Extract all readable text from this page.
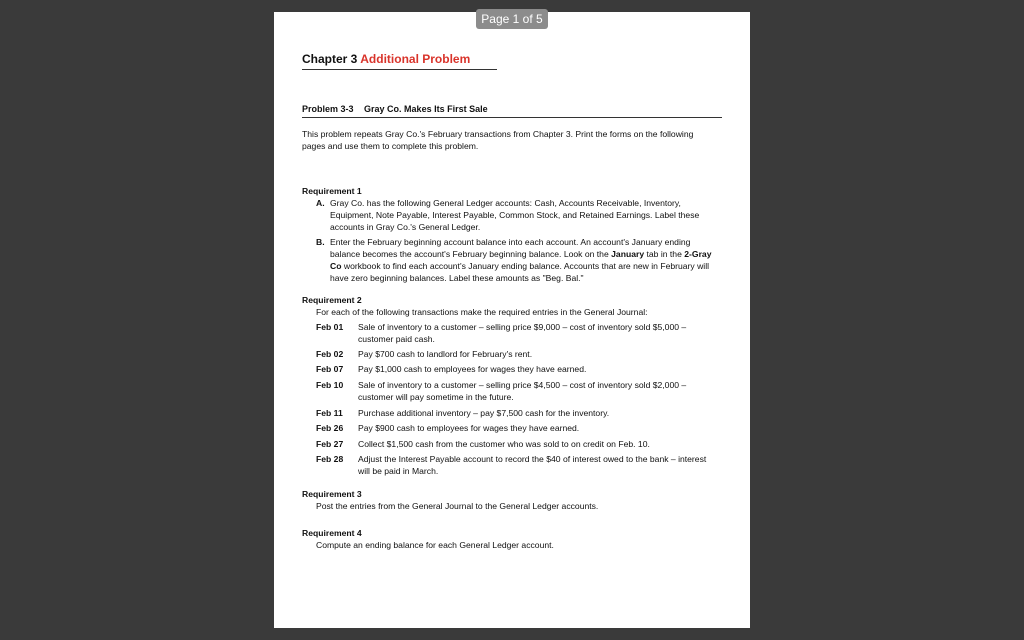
Chapter 3 Additional Problem
Problem 3-3 Gray Co. Makes Its First Sale
This problem repeats Gray Co.'s February transactions from Chapter 3. Print the forms on the following pages and use them to complete this problem.
Requirement 1
A. Gray Co. has the following General Ledger accounts: Cash, Accounts Receivable, Inventory, Equipment, Note Payable, Interest Payable, Common Stock, and Retained Earnings. Label these accounts in Gray Co.'s General Ledger.
B. Enter the February beginning account balance into each account. An account's January ending balance becomes the account's February beginning balance. Look on the January tab in the 2-Gray Co workbook to find each account's January ending balance. Accounts that are new in February will have zero beginning balances. Label these amounts as "Beg. Bal."
Requirement 2
For each of the following transactions make the required entries in the General Journal:
Feb 01 Sale of inventory to a customer – selling price $9,000 – cost of inventory sold $5,000 – customer paid cash.
Feb 02 Pay $700 cash to landlord for February's rent.
Feb 07 Pay $1,000 cash to employees for wages they have earned.
Feb 10 Sale of inventory to a customer – selling price $4,500 – cost of inventory sold $2,000 – customer will pay sometime in the future.
Feb 11 Purchase additional inventory – pay $7,500 cash for the inventory.
Feb 26 Pay $900 cash to employees for wages they have earned.
Feb 27 Collect $1,500 cash from the customer who was sold to on credit on Feb. 10.
Feb 28 Adjust the Interest Payable account to record the $40 of interest owed to the bank – interest will be paid in March.
Requirement 3
Post the entries from the General Journal to the General Ledger accounts.
Requirement 4
Compute an ending balance for each General Ledger account.
Page 1 of 5
